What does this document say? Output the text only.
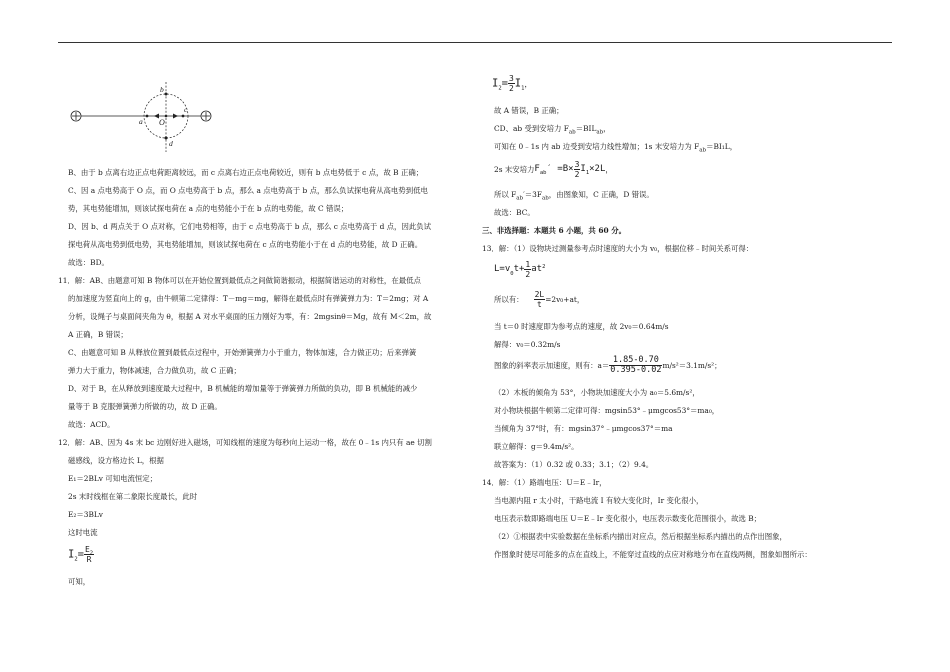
b
c
a O
d
B、由于 b 点离右边正点电荷距离较远，而 c 点离右边正点电荷较近，则有 b 点电势低于 c 点，故 B 正确；
C、因 a 点电势高于 O 点，而 O 点电势高于 b 点，那么 a 点电势高于 b 点，那么负试探电荷从高电势到低电
势，其电势能增加，则该试探电荷在 a 点的电势能小于在 b 点的电势能，故 C 错误；
D、因 b、d 两点关于 O 点对称，它们电势相等，由于 c 点电势高于 b 点，那么 c 点电势高于 d 点，因此负试
探电荷从高电势到低电势，其电势能增加，则该试探电荷在 c 点的电势能小于在 d 点的电势能，故 D 正确。
故选：BD。
11．解：AB、由题意可知 B 物体可以在开始位置到最低点之间做简谐振动，根据简谐运动的对称性，在最低点
的加速度为竖直向上的 g，由牛顿第二定律得：T－mg＝mg，解得在最低点时有弹簧弹力为：T＝2mg；对 A
分析，设绳子与桌面间夹角为 θ，根据 A 对水平桌面的压力刚好为零，有：2mgsinθ＝Mg，故有 M＜2m，故
A 正确，B 错误；
C、由题意可知 B 从释放位置到最低点过程中，开始弹簧弹力小于重力，物体加速，合力做正功；后来弹簧
弹力大于重力，物体减速，合力做负功，故 C 正确；
D、对于 B，在从释放到速度最大过程中，B 机械能的增加量等于弹簧弹力所做的负功，即 B 机械能的减少
量等于 B 克服弹簧弹力所做的功，故 D 正确。
故选：ACD。
12．解：AB、因为 4s 末 bc 边刚好进入磁场，可知线框的速度为每秒向上运动一格，故在 0﹣1s 内只有 ae 切割
磁感线，设方格边长 L，根据
E₁＝2BLv 可知电流恒定；
2s 末时线框在第二象限长度最长，此时
E₂＝3BLv
这时电流
$I_2= \frac{E_2}{R}$
可知，
$I_2= \frac{3}{2} I_1$，
故 A 错误，B 正确；
CD、ab 受到安培力 $F_{ab}=BIL_{ab}$，
可知在 0﹣1s 内 ab 边受到安培力线性增加；1s 末安培力为 $F_{ab}=BI_1L$，
2s 末安培力$F_{ab}' =B\times \frac{3}{2} I_1\times 2L$，
所以 $F_{ab}'=3F_{ab}$，由图象知，C 正确，D 错误。
故选：BC。
三、非选择题：本题共 6 小题，共 60 分。
13．解：（1）设物块过测量参考点时速度的大小为 v₀，根据位移﹣时间关系可得：
$L=v_0t+ \frac{1}{2} at^2$
所以有： $\frac{2L}{t} =2v_0+at$，
当 t＝0 时速度即为参考点的速度，故 2v₀＝0.64m/s
解得：v₀＝0.32m/s
图象的斜率表示加速度，则有：$a= \frac{1.85-0.70}{0.395-0.02} m/s^2=3.1m/s^2$；
（2）木板的倾角为 53°，小物块加速度大小为 a₀＝5.6m/s²，
对小物块根据牛顿第二定律可得：mgsin53°﹣μmgcos53°＝ma₀，
当倾角为 37°时，有：mgsin37°﹣μmgcos37°＝ma
联立解得：g＝9.4m/s²。
故答案为：（1）0.32 或 0.33；3.1；（2）9.4。
14．解：（1）路端电压：U＝E﹣Ir，
当电源内阻 r 太小时，干路电流 I 有较大变化时，Ir 变化很小，
电压表示数即路端电压 U＝E﹣Ir 变化很小，电压表示数变化范围很小，故选 B；
（2）①根据表中实验数据在坐标系内描出对应点，然后根据坐标系内描出的点作出图象，
作图象时使尽可能多的点在直线上，不能穿过直线的点应对称地分布在直线两侧，图象如图所示：
